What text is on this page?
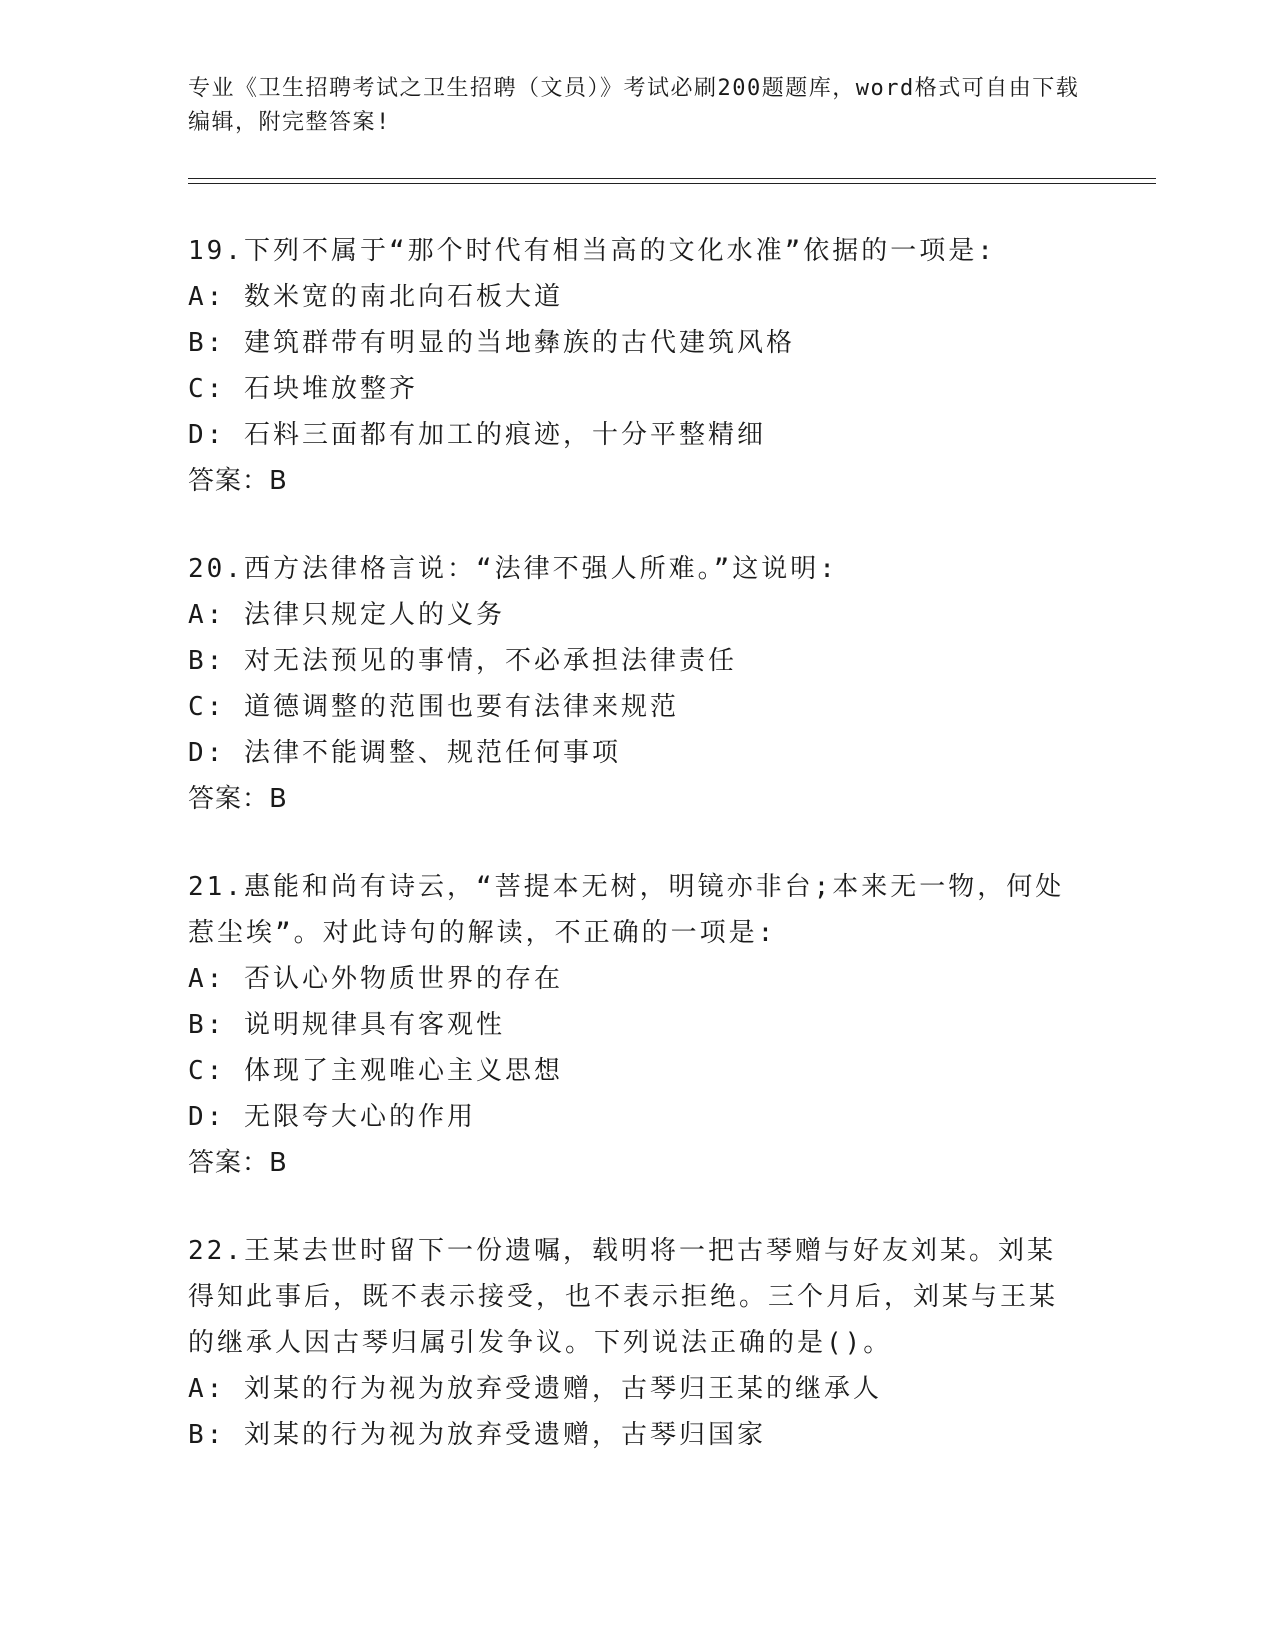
专业《卫生招聘考试之卫生招聘（文员）》考试必刷200题题库，word格式可自由下载编辑，附完整答案!
19.下列不属于“那个时代有相当高的文化水准”依据的一项是:
A: 数米宽的南北向石板大道
B: 建筑群带有明显的当地彝族的古代建筑风格
C: 石块堆放整齐
D: 石料三面都有加工的痕迹，十分平整精细
答案：B
20.西方法律格言说：“法律不强人所难。”这说明:
A: 法律只规定人的义务
B: 对无法预见的事情，不必承担法律责任
C: 道德调整的范围也要有法律来规范
D: 法律不能调整、规范任何事项
答案：B
21.惠能和尚有诗云，“菩提本无树，明镜亦非台;本来无一物，何处惹尘埃”。对此诗句的解读，不正确的一项是:
A: 否认心外物质世界的存在
B: 说明规律具有客观性
C: 体现了主观唯心主义思想
D: 无限夸大心的作用
答案：B
22.王某去世时留下一份遗嘱，载明将一把古琴赠与好友刘某。刘某得知此事后，既不表示接受，也不表示拒绝。三个月后，刘某与王某的继承人因古琴归属引发争议。下列说法正确的是()。
A: 刘某的行为视为放弃受遗赠，古琴归王某的继承人
B: 刘某的行为视为放弃受遗赠，古琴归国家
